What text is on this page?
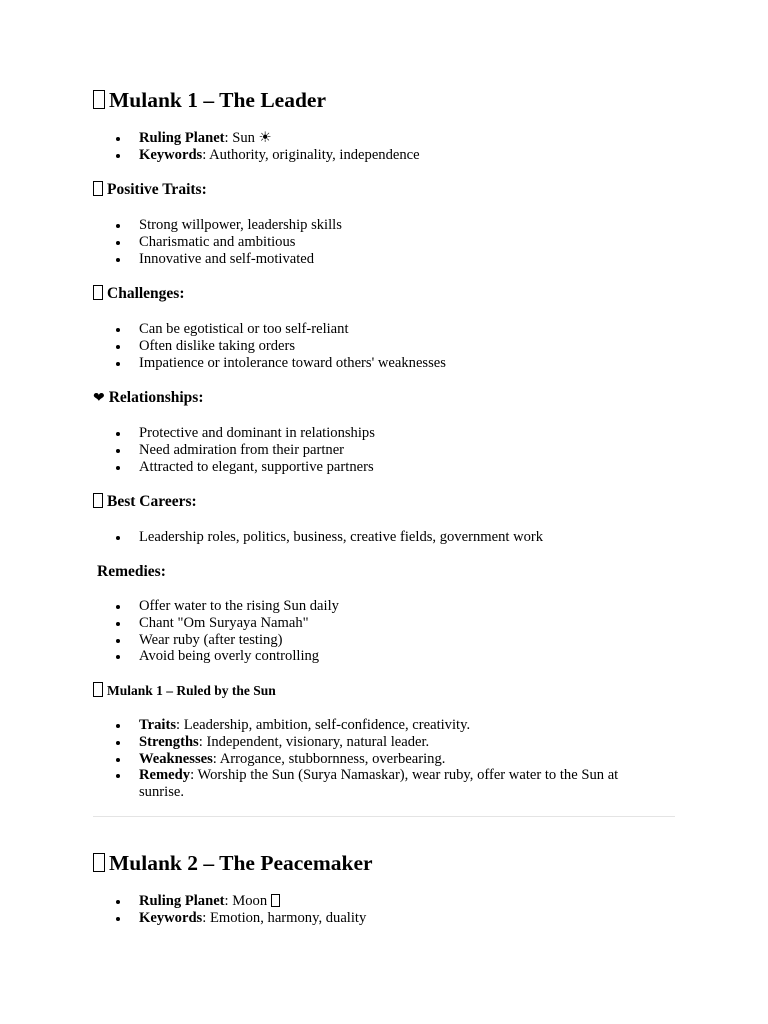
Mulank 1 – The Leader
Ruling Planet: Sun ☀
Keywords: Authority, originality, independence
Positive Traits:
Strong willpower, leadership skills
Charismatic and ambitious
Innovative and self-motivated
Challenges:
Can be egotistical or too self-reliant
Often dislike taking orders
Impatience or intolerance toward others' weaknesses
❤ Relationships:
Protective and dominant in relationships
Need admiration from their partner
Attracted to elegant, supportive partners
Best Careers:
Leadership roles, politics, business, creative fields, government work
Remedies:
Offer water to the rising Sun daily
Chant "Om Suryaya Namah"
Wear ruby (after testing)
Avoid being overly controlling
Mulank 1 – Ruled by the Sun
Traits: Leadership, ambition, self-confidence, creativity.
Strengths: Independent, visionary, natural leader.
Weaknesses: Arrogance, stubbornness, overbearing.
Remedy: Worship the Sun (Surya Namaskar), wear ruby, offer water to the Sun at sunrise.
Mulank 2 – The Peacemaker
Ruling Planet: Moon
Keywords: Emotion, harmony, duality
